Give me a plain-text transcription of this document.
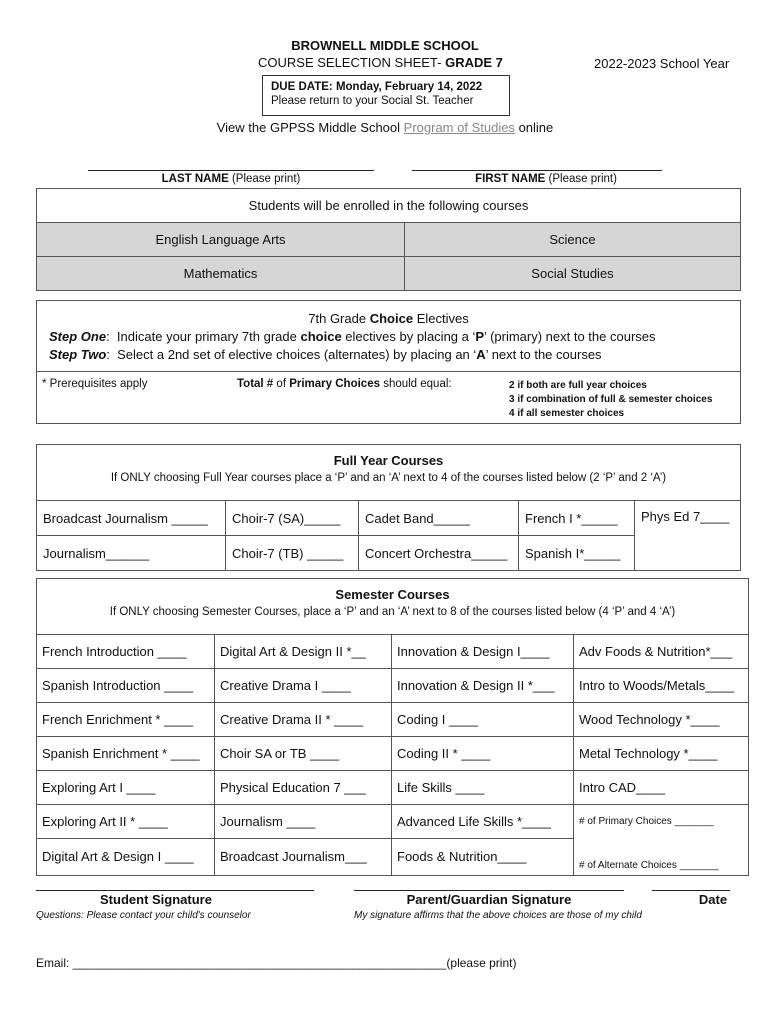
BROWNELL MIDDLE SCHOOL
COURSE SELECTION SHEET- GRADE 7	2022-2023 School Year
DUE DATE: Monday, February 14, 2022
Please return to your Social St. Teacher
View the GPPSS Middle School Program of Studies online
LAST NAME (Please print)	FIRST NAME (Please print)
Students will be enrolled in the following courses	
English Language Arts	Science
Mathematics	Social Studies
7th Grade Choice Electives
Step One:  Indicate your primary 7th grade choice electives by placing a ‘P’ (primary) next to the courses
Step Two:  Select a 2nd set of elective choices (alternates) by placing an ‘A’ next to the courses
* Prerequisites apply	Total # of Primary Choices should equal:	2 if both are full year choices
3 if combination of full & semester choices
4 if all semester choices
Full Year Courses
If ONLY choosing Full Year courses place a ‘P’ and an ‘A’ next to 4 of the courses listed below (2 ‘P’ and 2 ‘A’)				

Broadcast Journalism _____	Choir-7 (SA)_____	Cadet Band_____	French I *_____	Phys Ed 7____
Journalism______	Choir-7 (TB) _____	Concert Orchestra_____	Spanish I*_____	
Semester Courses
If ONLY choosing Semester Courses, place a ‘P’ and an ‘A’ next to 8 of the courses listed below (4 ‘P’ and 4 ‘A’)			

French Introduction ____	Digital Art & Design II *__	Innovation & Design I____	Adv Foods & Nutrition*___
Spanish Introduction ____	Creative Drama I ____	Innovation & Design II *___	Intro to Woods/Metals____
French Enrichment * ____	Creative Drama II * ____	Coding I ____	Wood Technology *____
Spanish Enrichment * ____	Choir SA or TB ____	Coding II * ____	Metal Technology *____
Exploring Art I ____	Physical Education 7 ___	Life Skills ____	Intro CAD____
Exploring Art II * ____	Journalism ____	Advanced Life Skills *____	# of Primary Choices _______
Digital Art & Design I ____	Broadcast Journalism___	Foods & Nutrition____	# of Alternate Choices _______
Student Signature
Questions: Please contact your child's counselor
Parent/Guardian Signature
My signature affirms that the above choices are those of my child
Date
Email: ________________________________________________________(please print)
